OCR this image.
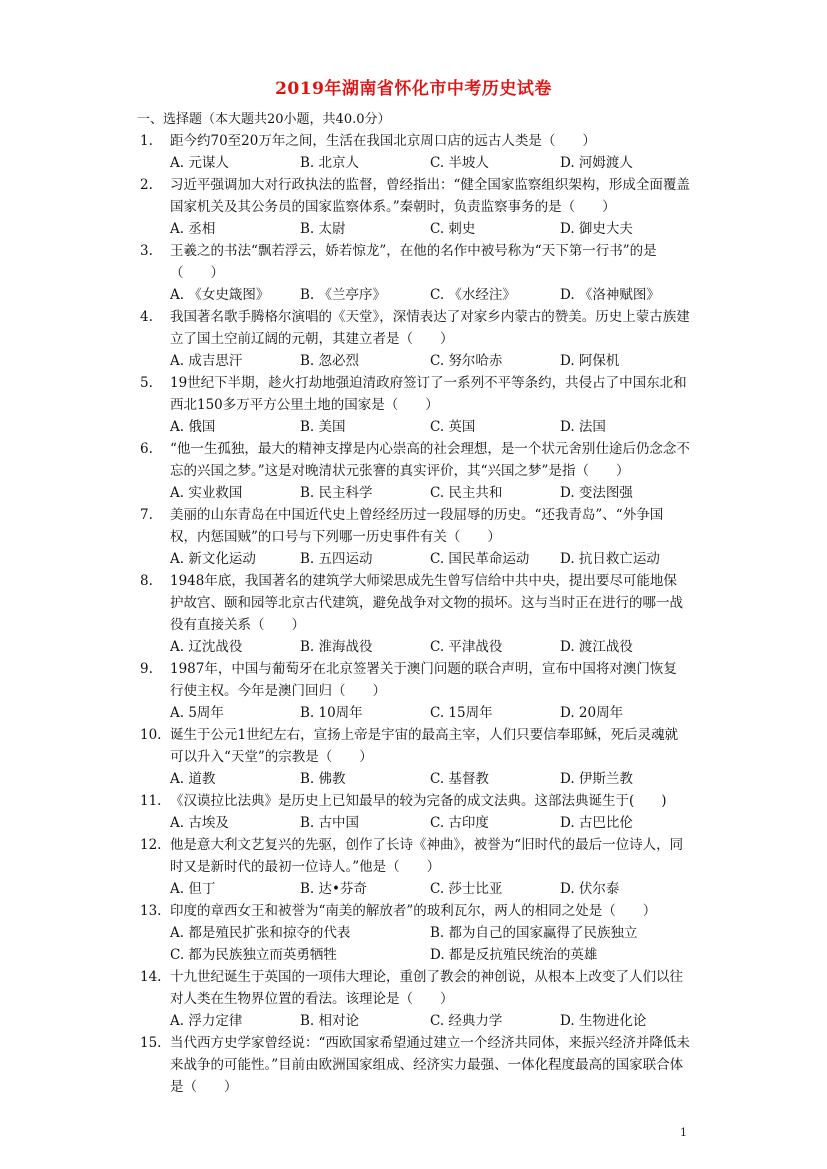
2019年湖南省怀化市中考历史试卷
一、选择题（本大题共20小题，共40.0分）
1. 距今约70至20万年之间，生活在我国北京周口店的远古人类是（　　）
A. 元谋人	B. 北京人	C. 半坡人	D. 河姆渡人
2. 习近平强调加大对行政执法的监督，曾经指出：“健全国家监察组织架构，形成全面覆盖国家机关及其公务员的国家监察体系。”秦朝时，负责监察事务的是（　　）
A. 丞相	B. 太尉	C. 刺史	D. 御史大夫
3. 王羲之的书法“飘若浮云，娇若惊龙”，在他的名作中被号称为“天下第一行书”的是（　　）
A. 《女史箴图》	B. 《兰亭序》	C. 《水经注》	D. 《洛神赋图》
4. 我国著名歌手腾格尔演唱的《天堂》，深情表达了对家乡内蒙古的赞美。历史上蒙古族建立了国土空前辽阔的元朝，其建立者是（　　）
A. 成吉思汗	B. 忽必烈	C. 努尔哈赤	D. 阿保机
5. 19世纪下半期，趁火打劫地强迫清政府签订了一系列不平等条约，共侵占了中国东北和西北150多万平方公里土地的国家是（　　）
A. 俄国	B. 美国	C. 英国	D. 法国
6. “他一生孤独，最大的精神支撑是内心崇高的社会理想，是一个状元舍别仕途后仍念念不忘的兴国之梦。”这是对晚清状元张謇的真实评价，其“兴国之梦”是指（　　）
A. 实业救国	B. 民主科学	C. 民主共和	D. 变法图强
7. 美丽的山东青岛在中国近代史上曾经经历过一段屈辱的历史。“还我青岛”、“外争国权，内惩国贼”的口号与下列哪一历史事件有关（　　）
A. 新文化运动	B. 五四运动	C. 国民革命运动	D. 抗日救亡运动
8. 1948年底，我国著名的建筑学大师梁思成先生曾写信给中共中央，提出要尽可能地保护故宫、颐和园等北京古代建筑，避免战争对文物的损坏。这与当时正在进行的哪一战役有直接关系（　　）
A. 辽沈战役	B. 淮海战役	C. 平津战役	D. 渡江战役
9. 1987年，中国与葡萄牙在北京签署关于澳门问题的联合声明，宣布中国将对澳门恢复行使主权。今年是澳门回归（　　）
A. 5周年	B. 10周年	C. 15周年	D. 20周年
10. 诞生于公元1世纪左右，宣扬上帝是宇宙的最高主宰，人们只要信奉耶稣，死后灵魂就可以升入“天堂”的宗教是（　　）
A. 道教	B. 佛教	C. 基督教	D. 伊斯兰教
11. 《汉谟拉比法典》是历史上已知最早的较为完备的成文法典。这部法典诞生于(　　)
A. 古埃及	B. 古中国	C. 古印度	D. 古巴比伦
12. 他是意大利文艺复兴的先驱，创作了长诗《神曲》，被誉为“旧时代的最后一位诗人，同时又是新时代的最初一位诗人。”他是（　　）
A. 但丁	B. 达•芬奇	C. 莎士比亚	D. 伏尔泰
13. 印度的章西女王和被誉为“南美的解放者”的玻利瓦尔，两人的相同之处是（　　）
A. 都是殖民扩张和掠夺的代表	B. 都为自己的国家赢得了民族独立
C. 都为民族独立而英勇牺牲	D. 都是反抗殖民统治的英雄
14. 十九世纪诞生于英国的一项伟大理论，重创了教会的神创说，从根本上改变了人们以往对人类在生物界位置的看法。该理论是（　　）
A. 浮力定律	B. 相对论	C. 经典力学	D. 生物进化论
15. 当代西方史学家曾经说：“西欧国家希望通过建立一个经济共同体，来振兴经济并降低未来战争的可能性。”目前由欧洲国家组成、经济实力最强、一体化程度最高的国家联合体是（　　）
1
